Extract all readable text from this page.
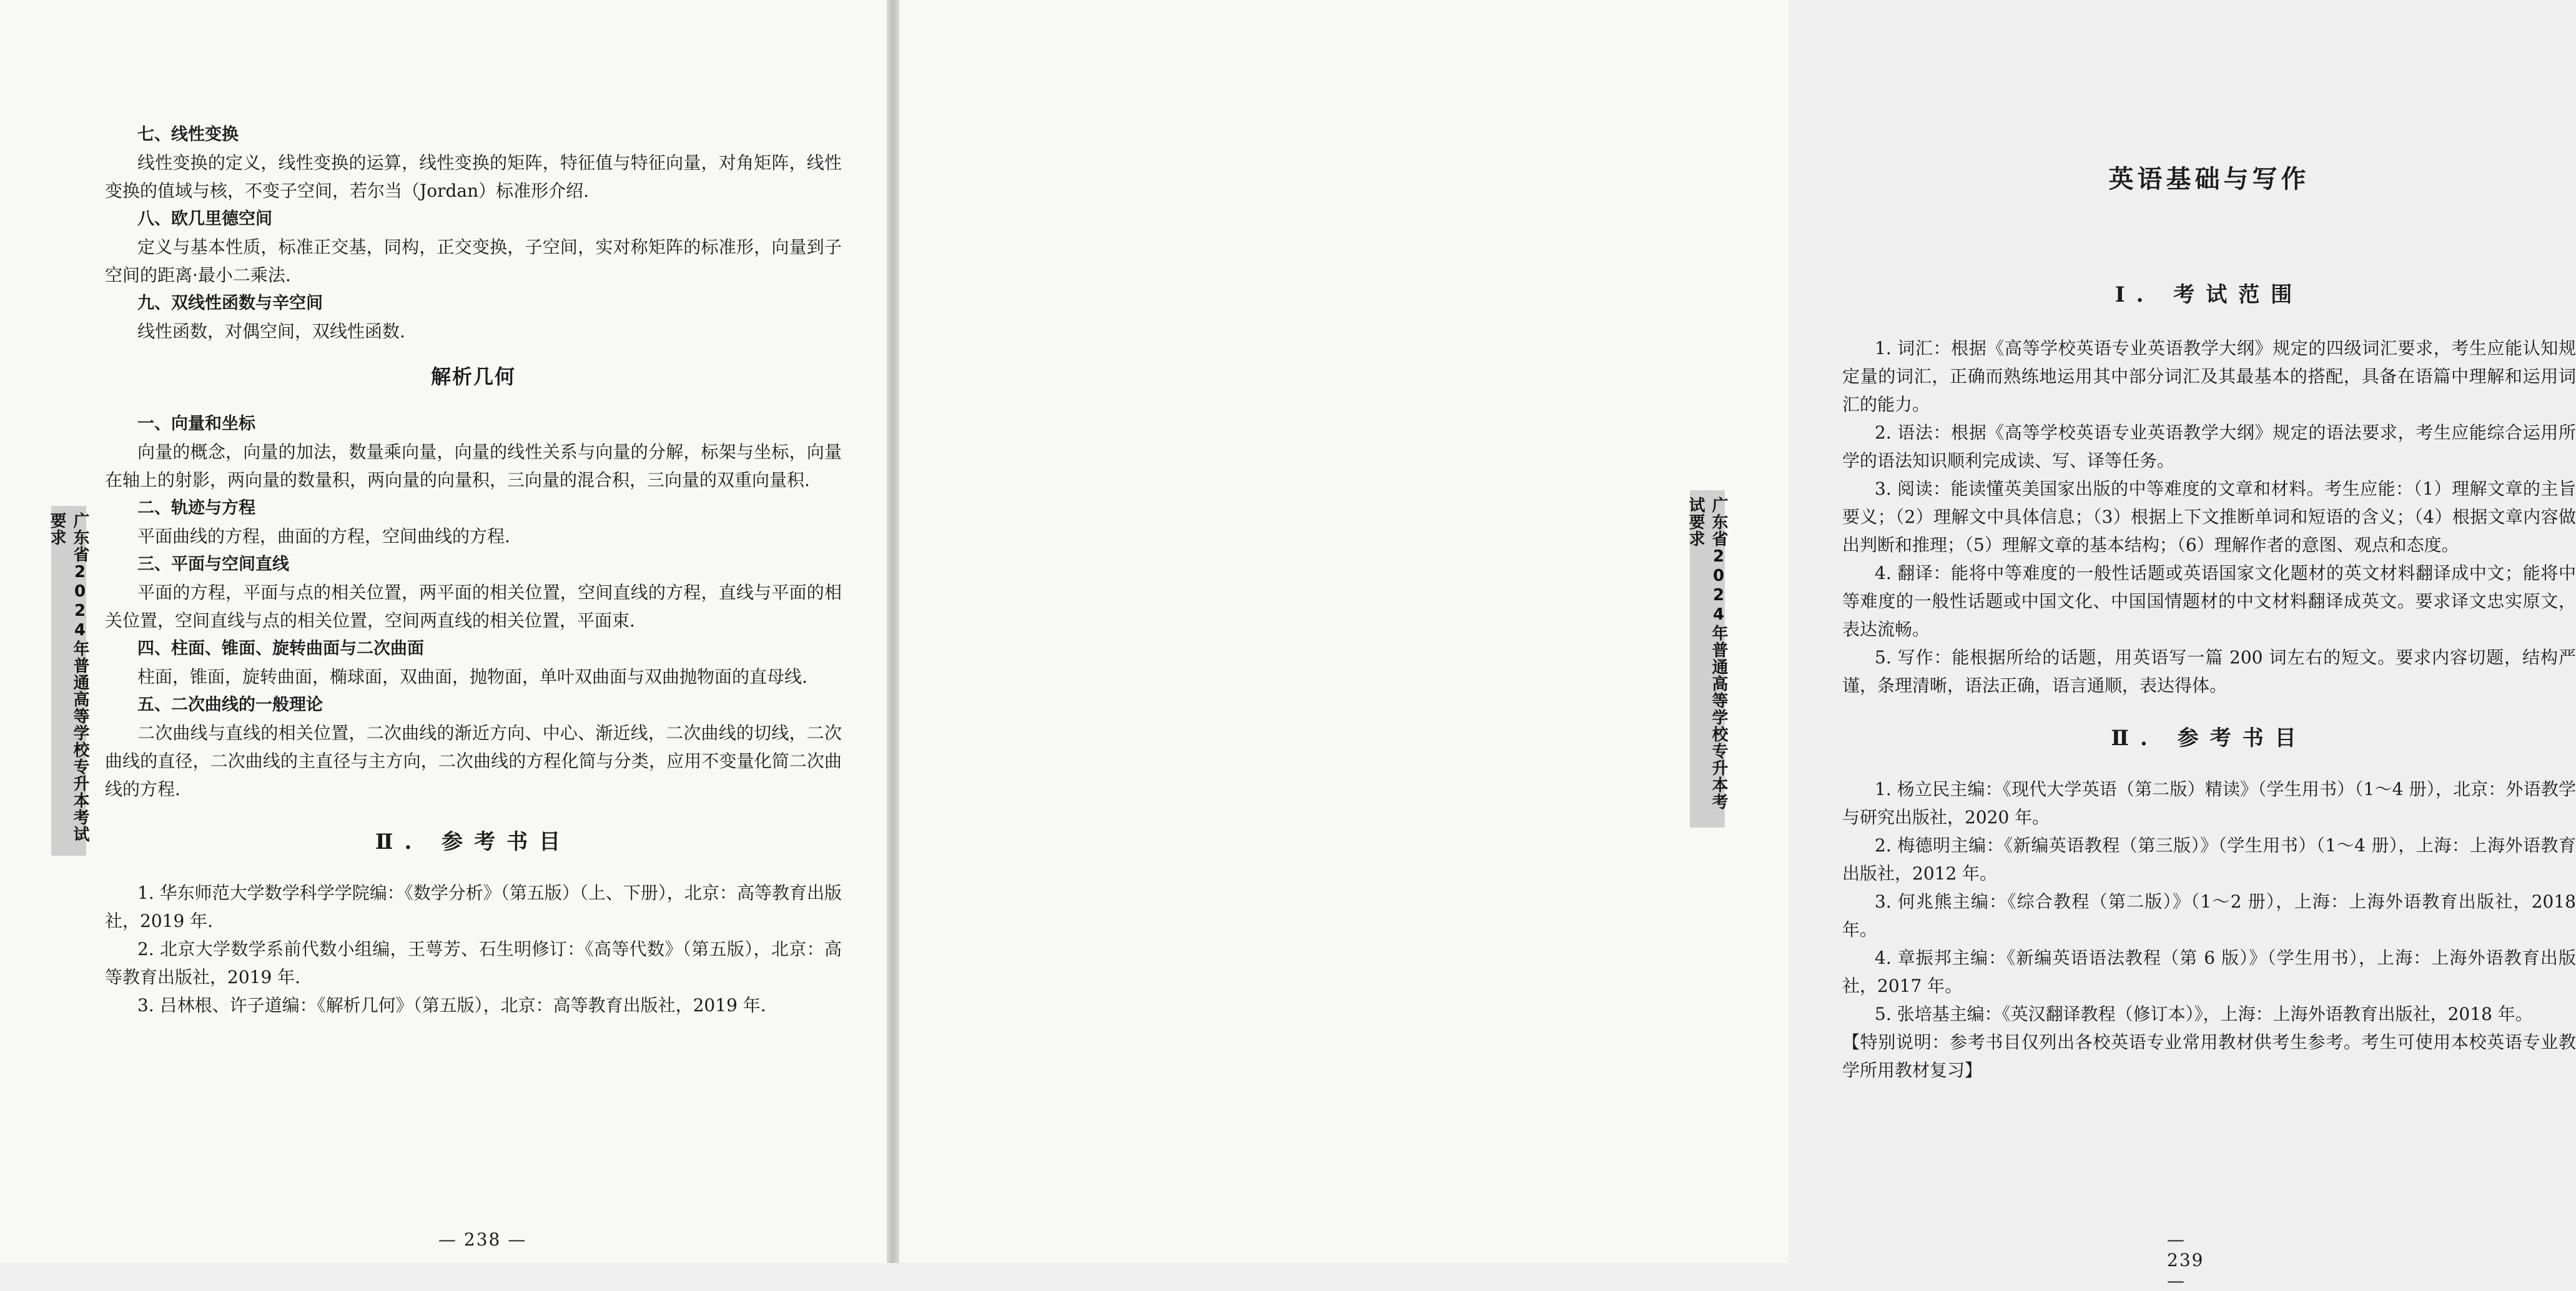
广东省2024年普通高等学校专升本考试要求

七、线性变换

线性变换的定义，线性变换的运算，线性变换的矩阵，特征值与特征向量，对角矩阵，线性变换的值域与核，不变子空间，若尔当（Jordan）标准形介绍.

八、欧几里德空间

定义与基本性质，标准正交基，同构，正交变换，子空间，实对称矩阵的标准形，向量到子空间的距离·最小二乘法.

九、双线性函数与辛空间

线性函数，对偶空间，双线性函数.

解析几何

一、向量和坐标

向量的概念，向量的加法，数量乘向量，向量的线性关系与向量的分解，标架与坐标，向量在轴上的射影，两向量的数量积，两向量的向量积，三向量的混合积，三向量的双重向量积.

二、轨迹与方程

平面曲线的方程，曲面的方程，空间曲线的方程.

三、平面与空间直线

平面的方程，平面与点的相关位置，两平面的相关位置，空间直线的方程，直线与平面的相关位置，空间直线与点的相关位置，空间两直线的相关位置，平面束.

四、柱面、锥面、旋转曲面与二次曲面

柱面，锥面，旋转曲面，椭球面，双曲面，抛物面，单叶双曲面与双曲抛物面的直母线.

五、二次曲线的一般理论

二次曲线与直线的相关位置，二次曲线的渐近方向、中心、渐近线，二次曲线的切线，二次曲线的直径，二次曲线的主直径与主方向，二次曲线的方程化简与分类，应用不变量化简二次曲线的方程.

Ⅱ. 参考书目

1. 华东师范大学数学科学学院编：《数学分析》（第五版）（上、下册），北京：高等教育出版社，2019 年.

2. 北京大学数学系前代数小组编，王萼芳、石生明修订：《高等代数》（第五版），北京：高等教育出版社，2019 年.

3. 吕林根、许子道编：《解析几何》（第五版），北京：高等教育出版社，2019 年.

— 238 —
英语基础与写作
Ⅰ. 考试范围

1. 词汇：根据《高等学校英语专业英语教学大纲》规定的四级词汇要求，考生应能认知规定量的词汇，正确而熟练地运用其中部分词汇及其最基本的搭配，具备在语篇中理解和运用词汇的能力。

2. 语法：根据《高等学校英语专业英语教学大纲》规定的语法要求，考生应能综合运用所学的语法知识顺利完成读、写、译等任务。

3. 阅读：能读懂英美国家出版的中等难度的文章和材料。考生应能：（1）理解文章的主旨要义；（2）理解文中具体信息；（3）根据上下文推断单词和短语的含义；（4）根据文章内容做出判断和推理；（5）理解文章的基本结构；（6）理解作者的意图、观点和态度。

4. 翻译：能将中等难度的一般性话题或英语国家文化题材的英文材料翻译成中文；能将中等难度的一般性话题或中国文化、中国国情题材的中文材料翻译成英文。要求译文忠实原文，表达流畅。

5. 写作：能根据所给的话题，用英语写一篇 200 词左右的短文。要求内容切题，结构严谨，条理清晰，语法正确，语言通顺，表达得体。

Ⅱ. 参考书目

1. 杨立民主编：《现代大学英语（第二版）精读》（学生用书）（1～4 册），北京：外语教学与研究出版社，2020 年。

2. 梅德明主编：《新编英语教程（第三版）》（学生用书）（1～4 册），上海：上海外语教育出版社，2012 年。

3. 何兆熊主编：《综合教程（第二版）》（1～2 册），上海：上海外语教育出版社，2018 年。

4. 章振邦主编：《新编英语语法教程（第 6 版）》（学生用书），上海：上海外语教育出版社，2017 年。

5. 张培基主编：《英汉翻译教程（修订本）》，上海：上海外语教育出版社，2018 年。

【特别说明：参考书目仅列出各校英语专业常用教材供考生参考。考生可使用本校英语专业教学所用教材复习】

— 239 —
广东省2024年普通高等学校专升本考试要求
